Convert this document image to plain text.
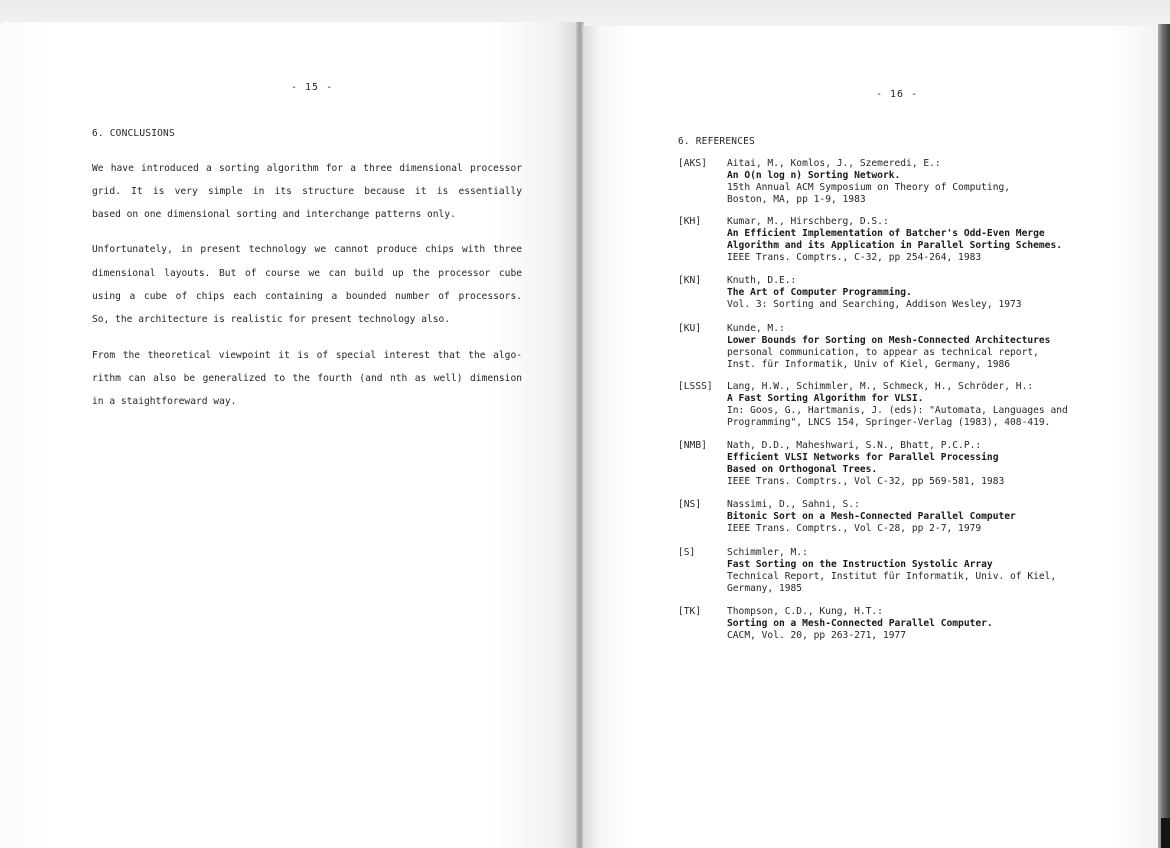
- 15 -
6. CONCLUSIONS
We have introduced a sorting algorithm for a three dimensional processor
grid. It is very simple in its structure because it is essentially
based on one dimensional sorting and interchange patterns only.
Unfortunately, in present technology we cannot produce chips with three
dimensional layouts. But of course we can build up the processor cube
using a cube of chips each containing a bounded number of processors.
So, the architecture is realistic for present technology also.
From the theoretical viewpoint it is of special interest that the algo-
rithm can also be generalized to the fourth (and nth as well) dimension
in a staightforeward way.
- 16 -
6. REFERENCES
[AKS] Aitai, M., Komlos, J., Szemeredi, E.:
An O(n log n) Sorting Network.
15th Annual ACM Symposium on Theory of Computing,
Boston, MA, pp 1-9, 1983
[KH]	Kumar, M., Hirschberg, D.S.:
An Efficient Implementation of Batcher's Odd-Even Merge
Algorithm and its Application in Parallel Sorting Schemes.
IEEE Trans. Comptrs., C-32, pp 254-264, 1983
[KN]	Knuth, D.E.:
The Art of Computer Programming.
Vol. 3: Sorting and Searching, Addison Wesley, 1973
[KU]	Kunde, M.:
Lower Bounds for Sorting on Mesh-Connected Architectures
personal communication, to appear as technical report,
Inst. für Informatik, Univ of Kiel, Germany, 1986
[LSSS] Lang, H.W., Schimmler, M., Schmeck, H., Schröder, H.:
A Fast Sorting Algorithm for VLSI.
In: Goos, G., Hartmanis, J. (eds): "Automata, Languages and
Programming", LNCS 154, Springer-Verlag (1983), 408-419.
[NMB] Nath, D.D., Maheshwari, S.N., Bhatt, P.C.P.:
Efficient VLSI Networks for Parallel Processing
Based on Orthogonal Trees.
IEEE Trans. Comptrs., Vol C-32, pp 569-581, 1983
[NS]	Nassimi, D., Sahni, S.:
Bitonic Sort on a Mesh-Connected Parallel Computer
IEEE Trans. Comptrs., Vol C-28, pp 2-7, 1979
[S]	Schimmler, M.:
Fast Sorting on the Instruction Systolic Array
Technical Report, Institut für Informatik, Univ. of Kiel,
Germany, 1985
[TK]	Thompson, C.D., Kung, H.T.:
Sorting on a Mesh-Connected Parallel Computer.
CACM, Vol. 20, pp 263-271, 1977
